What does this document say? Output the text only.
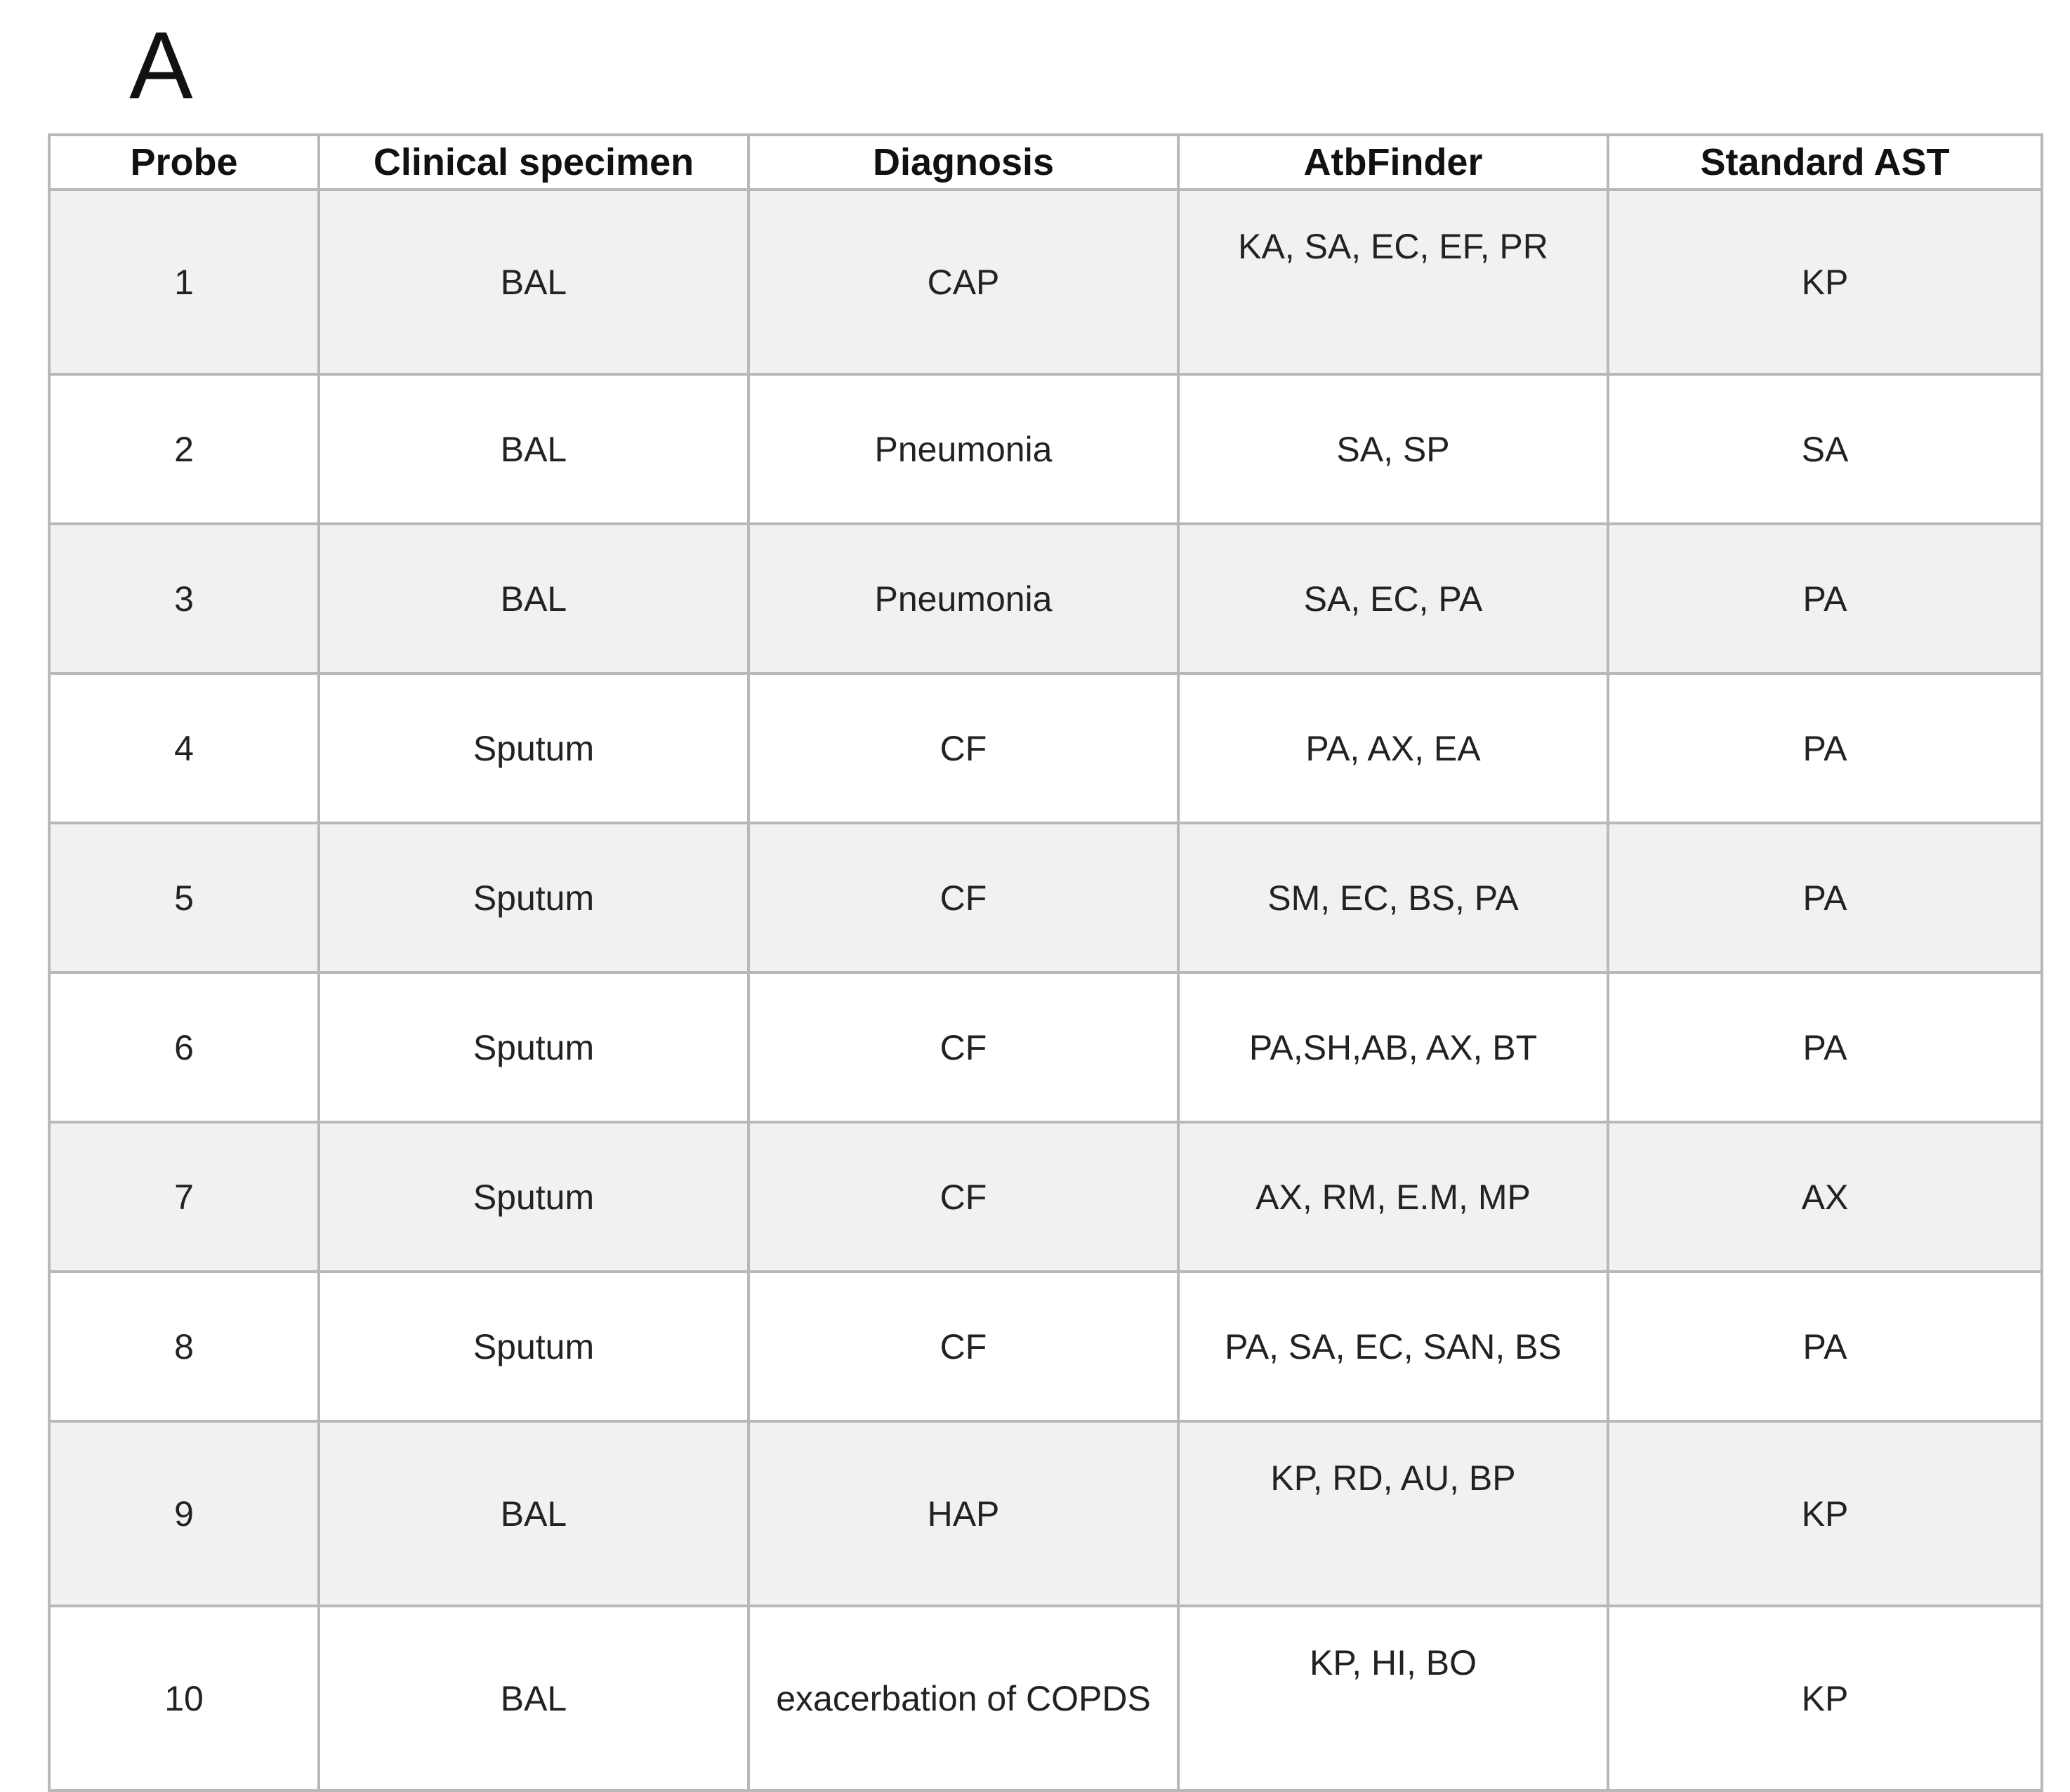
A
Probe	Clinical specimen	Diagnosis	AtbFinder	Standard AST
1	BAL	CAP	KA, SA, EC, EF, PR	KP
2	BAL	Pneumonia	SA, SP	SA
3	BAL	Pneumonia	SA, EC, PA	PA
4	Sputum	CF	PA, AX, EA	PA
5	Sputum	CF	SM, EC, BS, PA	PA
6	Sputum	CF	PA,SH,AB, AX, BT	PA
7	Sputum	CF	AX, RM, E.M, MP	AX
8	Sputum	CF	PA, SA, EC, SAN, BS	PA
9	BAL	HAP	KP, RD, AU, BP	KP
10	BAL	exacerbation of COPDS	KP, HI, BO	KP
